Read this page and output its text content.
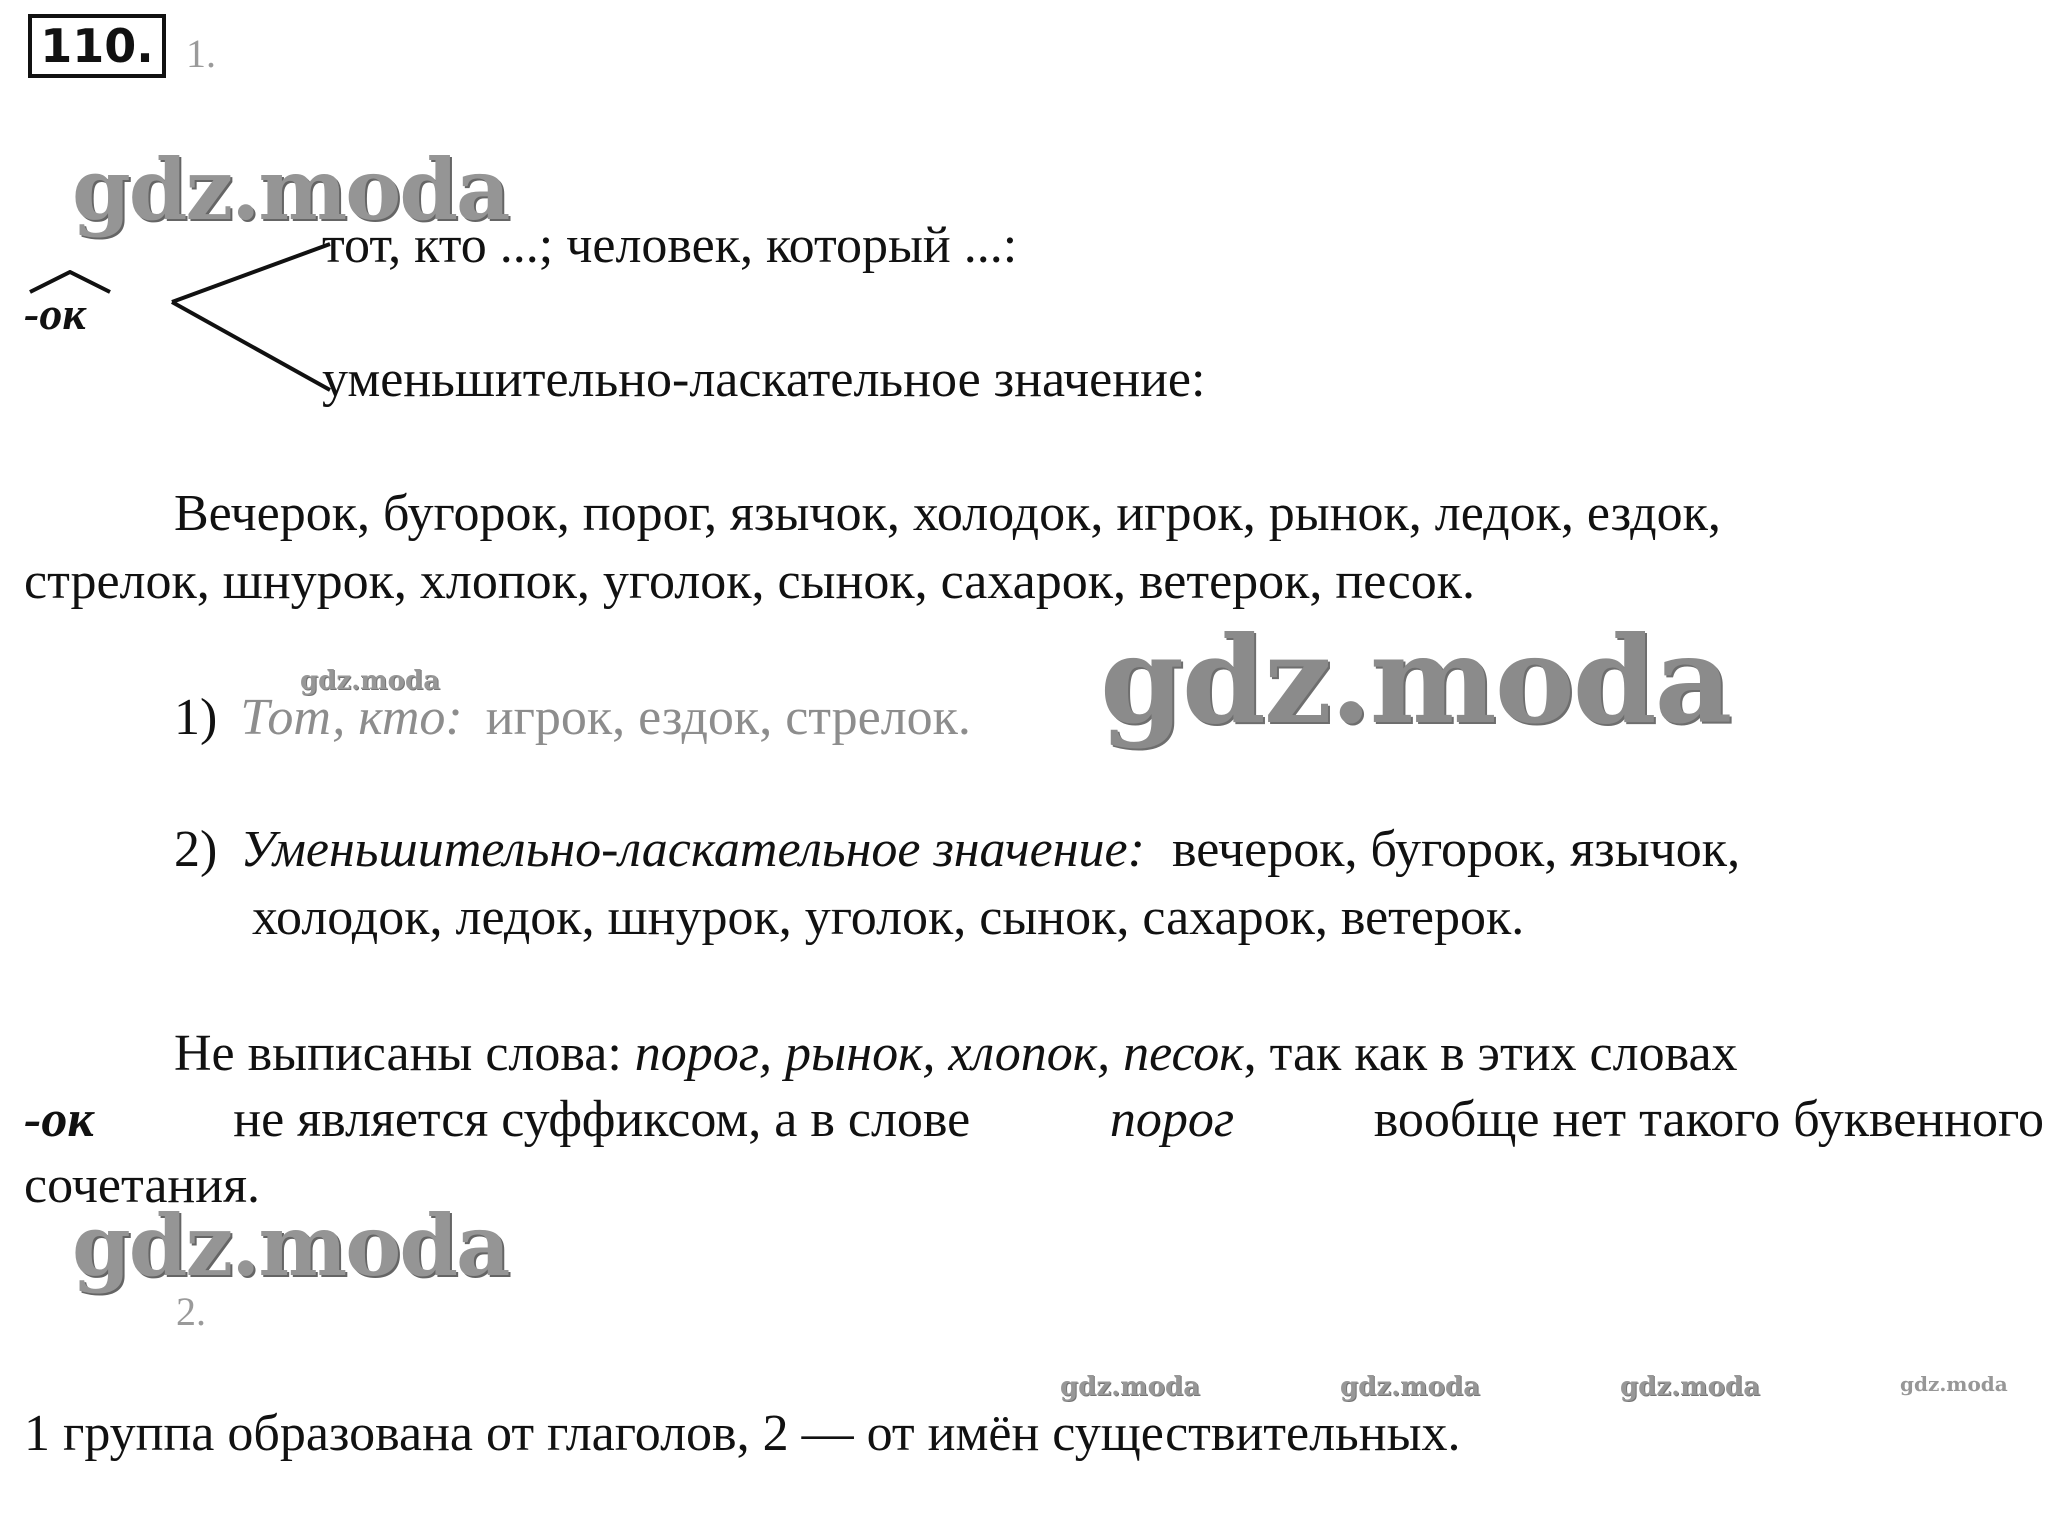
110. 1.
gdz.moda
-ок
тот, кто ...; человек, который ...:
уменьшительно-ласкательное значение:
Вечерок, бугорок, порог, язычок, холодок, игрок, рынок, ледок, ездок,
стрелок, шнурок, хлопок, уголок, сынок, сахарок, ветерок, песок.
1) Тот, кто: игрок, ездок, стрелок.
gdz.moda	gdz.moda
2) Уменьшительно-ласкательное значение: вечерок, бугорок, язычок,
холодок, ледок, шнурок, уголок, сынок, сахарок, ветерок.
Не выписаны слова: порог, рынок, хлопок, песок, так как в этих словах
-ок	не является суффиксом, а в слове	порог	вообще нет такого буквенного
сочетания.
gdz.moda
2.
gdz.moda	gdz.moda	gdz.moda	gdz.moda
1 группа образована от глаголов, 2 — от имён существительных.
